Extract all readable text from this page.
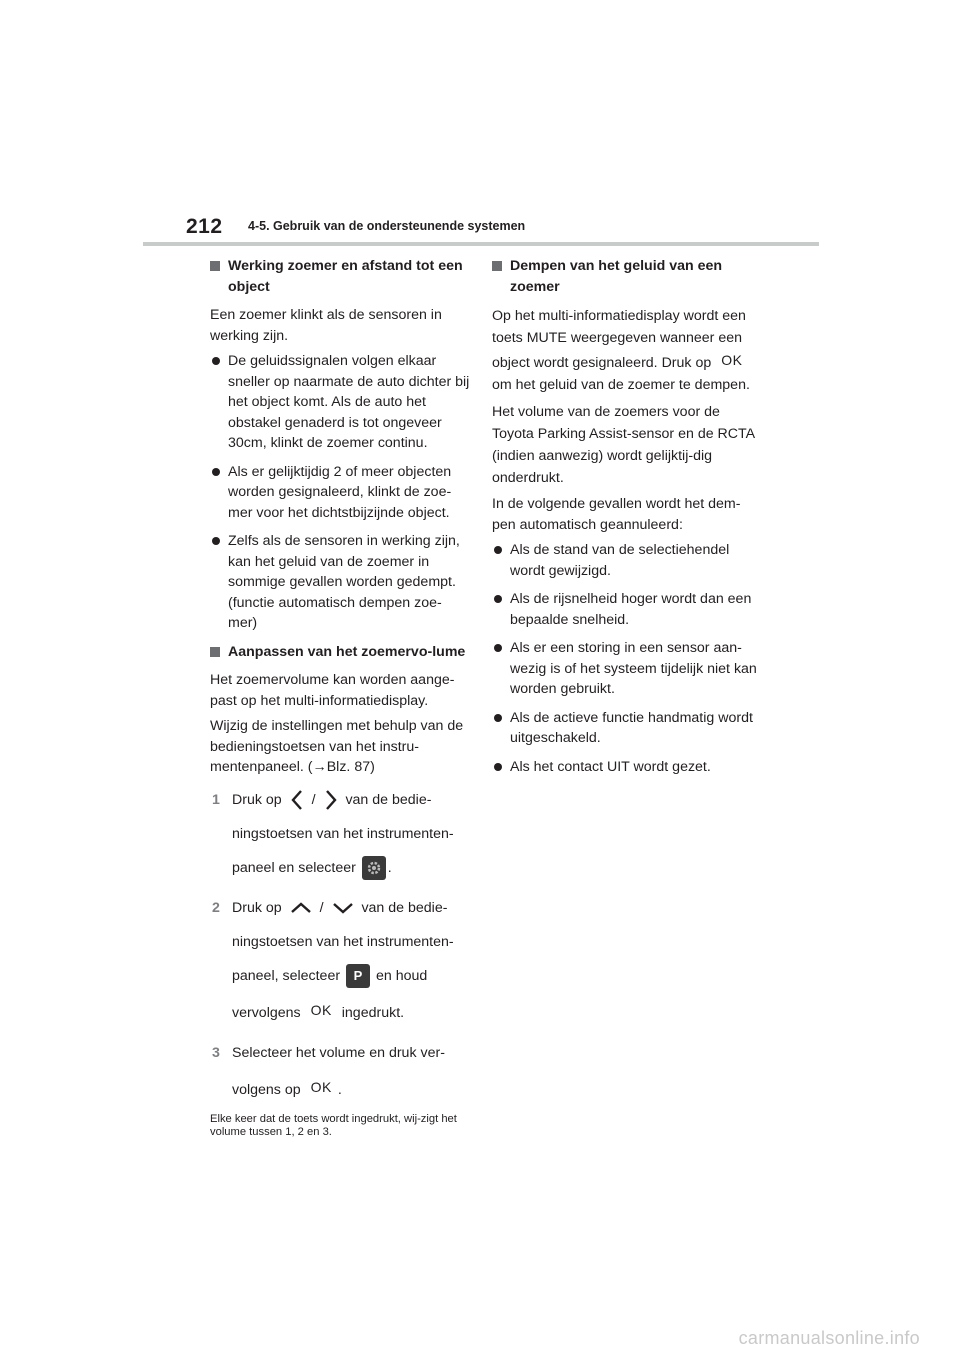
212 4-5. Gebruik van de ondersteunende systemen
Werking zoemer en afstand tot een object
Een zoemer klinkt als de sensoren in werking zijn.
De geluidssignalen volgen elkaar sneller op naarmate de auto dichter bij het object komt. Als de auto het obstakel genaderd is tot ongeveer 30cm, klinkt de zoemer continu.
Als er gelijktijdig 2 of meer objecten worden gesignaleerd, klinkt de zoe-mer voor het dichtstbijzijnde object.
Zelfs als de sensoren in werking zijn, kan het geluid van de zoemer in sommige gevallen worden gedempt. (functie automatisch dempen zoe-mer)
Aanpassen van het zoemervo-lume
Het zoemervolume kan worden aange-past op het multi-informatiedisplay.
Wijzig de instellingen met behulp van de bedieningstoetsen van het instru-mentenpaneel. (→Blz. 87)
1 Druk op / van de bedie-ningstoetsen van het instrumenten-paneel en selecteer .
2 Druk op	/	van de bedie-ningstoetsen van het instrumenten-paneel, selecteer P en houd vervolgens OK ingedrukt.
3 Selecteer het volume en druk ver-volgens op OK .
Elke keer dat de toets wordt ingedrukt, wij-zigt het volume tussen 1, 2 en 3.
Dempen van het geluid van een zoemer
Op het multi-informatiedisplay wordt een toets MUTE weergegeven wanneer een object wordt gesignaleerd. Druk op OK om het geluid van de zoemer te dempen.
Het volume van de zoemers voor de Toyota Parking Assist-sensor en de RCTA (indien aanwezig) wordt gelijktij-dig onderdrukt.
In de volgende gevallen wordt het dem-pen automatisch geannuleerd:
Als de stand van de selectiehendel wordt gewijzigd.
Als de rijsnelheid hoger wordt dan een bepaalde snelheid.
Als er een storing in een sensor aan-wezig is of het systeem tijdelijk niet kan worden gebruikt.
Als de actieve functie handmatig wordt uitgeschakeld.
Als het contact UIT wordt gezet.
carmanualsonline.info
